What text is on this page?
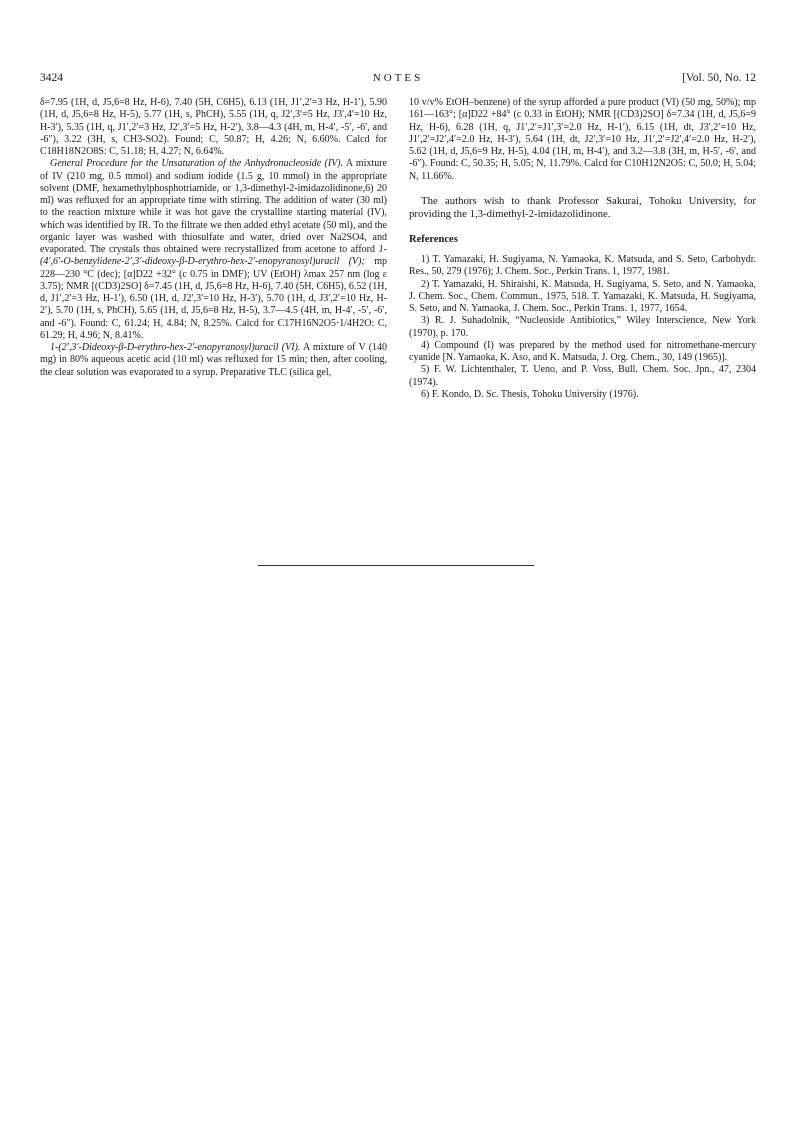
3424	NOTES	[Vol. 50, No. 12

δ=7.95 (1H, d, J5,6=8 Hz, H-6), 7.40 (5H, C6H5), 6.13 (1H, J1′,2′=3 Hz, H-1′), 5.90 (1H, d, J5,6=8 Hz, H-5), 5.77 (1H, s, PhCH), 5.55 (1H, q, J2′,3′=5 Hz, J3′,4′=10 Hz, H-3′), 5.35 (1H, q, J1′,2′=3 Hz, J2′,3′=5 Hz, H-2′), 3.8—4.3 (4H, m, H-4′, -5′, -6′, and -6″), 3.22 (3H, s, CH3-SO2). Found; C, 50.87; H, 4.26; N, 6.60%. Calcd for C18H18N2O8S: C, 51.18; H, 4.27; N, 6.64%.

General Procedure for the Unsaturation of the Anhydronucleoside (IV). A mixture of IV (210 mg, 0.5 mmol) and sodium iodide (1.5 g, 10 mmol) in the appropriate solvent (DMF, hexamethylphosphotriamide, or 1,3-dimethyl-2-imidazolidinone,6) 20 ml) was refluxed for an appropriate time with stirring. The addition of water (30 ml) to the reaction mixture while it was hot gave the crystalline starting material (IV), which was identified by IR. To the filtrate we then added ethyl acetate (50 ml), and the organic layer was washed with thiosulfate and water, dried over Na2SO4, and evaporated. The crystals thus obtained were recrystallized from acetone to afford 1-(4′,6′-O-benzylidene-2′,3′-dideoxy-β-D-erythro-hex-2′-enopyranosyl)uracil (V); mp 228—230 °C (dec); [α]D22 +32° (c 0.75 in DMF); UV (EtOH) λmax 257 nm (log ε 3.75); NMR [(CD3)2SO] δ=7.45 (1H, d, J5,6=8 Hz, H-6), 7.40 (5H, C6H5), 6.52 (1H, d, J1′,2′=3 Hz, H-1′), 6.50 (1H, d, J2′,3′=10 Hz, H-3′), 5.70 (1H, d, J3′,2′=10 Hz, H-2′), 5.70 (1H, s, PhCH), 5.65 (1H, d, J5,6=8 Hz, H-5), 3.7—4.5 (4H, m, H-4′, -5′, -6′, and -6″). Found: C, 61.24; H, 4.84; N, 8.25%. Calcd for C17H16N2O5·1/4H2O: C, 61.29; H, 4.96; N, 8.41%.

1-(2′,3′-Dideoxy-β-D-erythro-hex-2′-enopyranosyl)uracil (VI). A mixture of V (140 mg) in 80% aqueous acetic acid (10 ml) was refluxed for 15 min; then, after cooling, the clear solution was evaporated to a syrup. Preparative TLC (silica gel,

10 v/v% EtOH–benzene) of the syrup afforded a pure product (VI) (50 mg, 50%); mp 161—163°; [α]D22 +84° (c 0.33 in EtOH); NMR [(CD3)2SO] δ=7.34 (1H, d, J5,6=9 Hz, H-6), 6.28 (1H, q, J1′,2′=J1′,3′=2.0 Hz, H-1′), 6.15 (1H, dt, J3′,2′=10 Hz, J1′,2′=J2′,4′=2.0 Hz, H-3′), 5.64 (1H, dt, J2′,3′=10 Hz, J1′,2′=J2′,4′=2.0 Hz, H-2′), 5.62 (1H, d, J5,6=9 Hz, H-5), 4.04 (1H, m, H-4′), and 3.2—3.8 (3H, m, H-5′, -6′, and -6″). Found: C, 50.35; H, 5.05; N, 11.79%. Calcd for C10H12N2O5: C, 50.0; H, 5.04; N, 11.66%.

The authors wish to thank Professor Sakurai, Tohoku University, for providing the 1,3-dimethyl-2-imidazolidinone.

References

1) T. Yamazaki, H. Sugiyama, N. Yamaoka, K. Matsuda, and S. Seto, Carbohydr. Res., 50, 279 (1976); J. Chem. Soc., Perkin Trans. 1, 1977, 1981.

2) T. Yamazaki, H. Shiraishi, K. Matsuda, H. Sugiyama, S. Seto, and N. Yamaoka, J. Chem. Soc., Chem. Commun., 1975, 518. T. Yamazaki, K. Matsuda, H. Sugiyama, S. Seto, and N. Yamaoka, J. Chem. Soc., Perkin Trans. 1, 1977, 1654.

3) R. J. Suhadolnik, “Nucleoside Antibiotics,” Wiley Interscience, New York (1970), p. 170.

4) Compound (I) was prepared by the method used for nitromethane-mercury cyanide [N. Yamaoka, K. Aso, and K. Matsuda, J. Org. Chem., 30, 149 (1965)].

5) F. W. Lichtenthaler, T. Ueno, and P. Voss, Bull. Chem. Soc. Jpn., 47, 2304 (1974).

6) F. Kondo, D. Sc. Thesis, Tohoku University (1976).
